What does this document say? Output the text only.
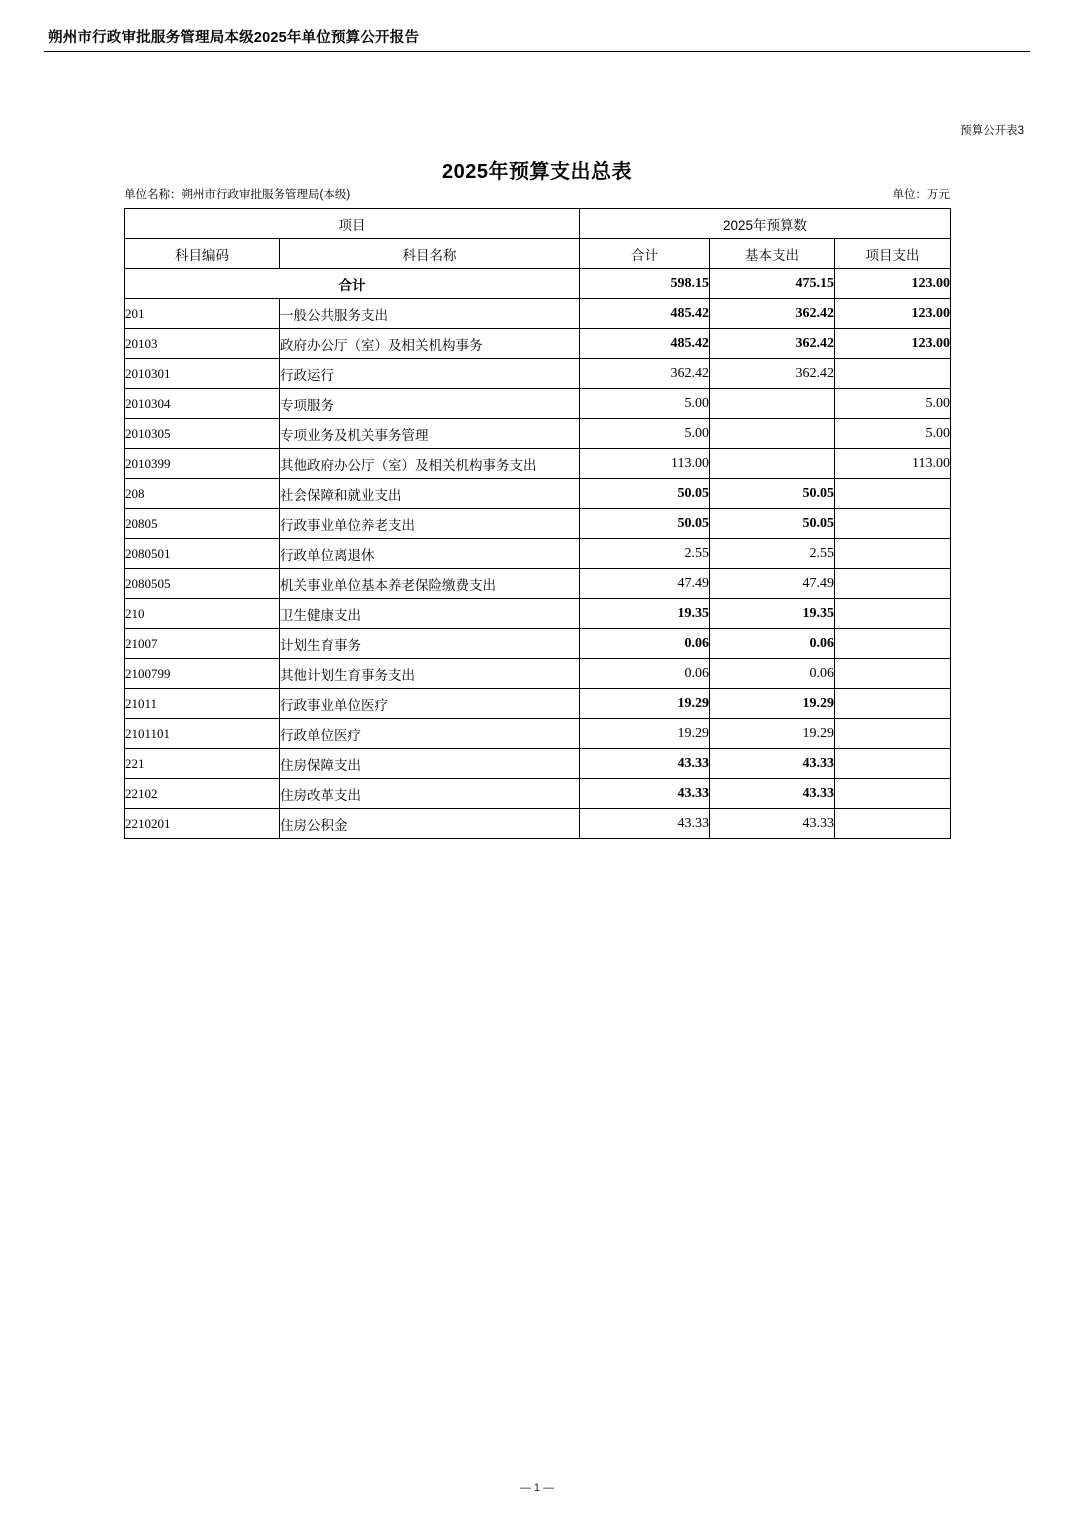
朔州市行政审批服务管理局本级2025年单位预算公开报告
预算公开表3
2025年预算支出总表
单位名称：朔州市行政审批服务管理局(本级)	单位：万元
项目		2025年预算数		
科目编码	科目名称	合计	基本支出	项目支出
合计		598.15	475.15	123.00
201	一般公共服务支出	485.42	362.42	123.00
20103	政府办公厅（室）及相关机构事务	485.42	362.42	123.00
2010301	行政运行	362.42	362.42	
2010304	专项服务	5.00		5.00
2010305	专项业务及机关事务管理	5.00		5.00
2010399	其他政府办公厅（室）及相关机构事务支出	113.00		113.00
208	社会保障和就业支出	50.05	50.05	
20805	行政事业单位养老支出	50.05	50.05	
2080501	行政单位离退休	2.55	2.55	
2080505	机关事业单位基本养老保险缴费支出	47.49	47.49	
210	卫生健康支出	19.35	19.35	
21007	计划生育事务	0.06	0.06	
2100799	其他计划生育事务支出	0.06	0.06	
21011	行政事业单位医疗	19.29	19.29	
2101101	行政单位医疗	19.29	19.29	
221	住房保障支出	43.33	43.33	
22102	住房改革支出	43.33	43.33	
2210201	住房公积金	43.33	43.33	
— 1 —
